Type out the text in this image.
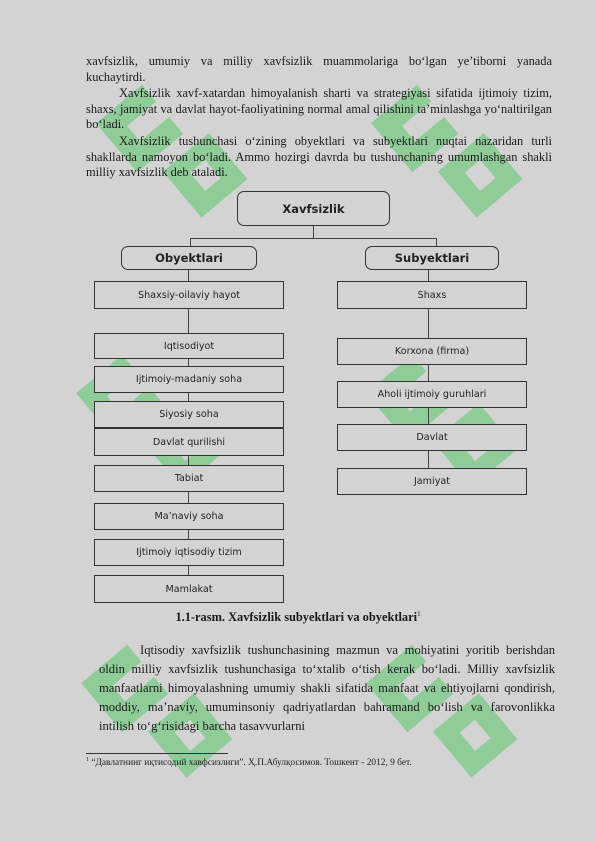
xavfsizlik, umumiy va milliy xavfsizlik muammolariga bo‘lgan ye’tiborni yanada kuchaytirdi.
Xavfsizlik xavf-xatardan himoyalanish sharti va strategiyasi sifatida ijtimoiy tizim, shaxs, jamiyat va davlat hayot-faoliyatining normal amal qilishini ta’minlashga yo‘naltirilgan bo‘ladi.
Xavfsizlik tushunchasi o‘zining obyektlari va subyektlari nuqtai nazaridan turli shakllarda namoyon bo‘ladi. Ammo hozirgi davrda bu tushunchaning umumlashgan shakli milliy xavfsizlik deb ataladi.
Xavfsizlik
Obyektlari	Subyektlari
Shaxsiy-oilaviy hayot
Iqtisodiyot
Ijtimoiy-madaniy soha
Siyosiy soha
Davlat qurilishi
Tabiat
Ma’naviy soha
Ijtimoiy iqtisodiy tizim
Mamlakat
Shaxs
Korxona (firma)
Aholi ijtimoiy guruhlari
Davlat
Jamiyat
1.1-rasm. Xavfsizlik subyektlari va obyektlari$^1$
Iqtisodiy xavfsizlik tushunchasining mazmun va mohiyatini yoritib berishdan oldin milliy xavfsizlik tushunchasiga to‘xtalib o‘tish kerak bo‘ladi. Milliy xavfsizlik manfaatlarni himoyalashning umumiy shakli sifatida manfaat va ehtiyojlarni qondirish, moddiy, ma’naviy, umuminsoniy qadriyatlardan bahramand bo‘lish va farovonlikka intilish to‘g‘risidagi barcha tasavvurlarni
$^1$ “Давлатнинг иқтисодий хавфсизлиги”. Ҳ.П.Абулқосимов. Тошкент - 2012, 9 бет.
